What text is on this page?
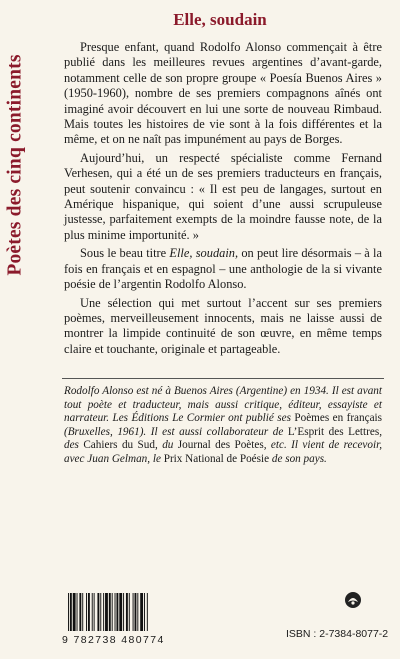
Poètes des cinq continents
Elle, soudain

Presque enfant, quand Rodolfo Alonso commençait à être publié dans les meilleures revues argentines d’avant-garde, notamment celle de son propre groupe « Poesía Buenos Aires » (1950-1960), nombre de ses premiers compagnons aînés ont imaginé avoir découvert en lui une sorte de nouveau Rimbaud. Mais toutes les histoires de vie sont à la fois différentes et la même, et on ne naît pas impunément au pays de Borges.

Aujourd’hui, un respecté spécialiste comme Fernand Verhesen, qui a été un de ses premiers traducteurs en français, peut soutenir convaincu : « Il est peu de langages, surtout en Amérique hispanique, qui soient d’une aussi scrupuleuse justesse, parfaitement exempts de la moindre fausse note, de la plus minime importunité. »

Sous le beau titre Elle, soudain, on peut lire désormais – à la fois en français et en espagnol – une anthologie de la si vivante poésie de l’argentin Rodolfo Alonso.

Une sélection qui met surtout l’accent sur ses premiers poèmes, merveilleusement innocents, mais ne laisse aussi de montrer la limpide continuité de son œuvre, en même temps claire et touchante, originale et partageable.

Rodolfo Alonso est né à Buenos Aires (Argentine) en 1934. Il est avant tout poète et traducteur, mais aussi critique, éditeur, essayiste et narrateur. Les Éditions Le Cormier ont publié ses Poèmes en français (Bruxelles, 1961). Il est aussi collaborateur de L’Esprit des Lettres, des Cahiers du Sud, du Journal des Poètes, etc. Il vient de recevoir, avec Juan Gelman, le Prix National de Poésie de son pays.

9 782738 480774	ISBN : 2-7384-8077-2
